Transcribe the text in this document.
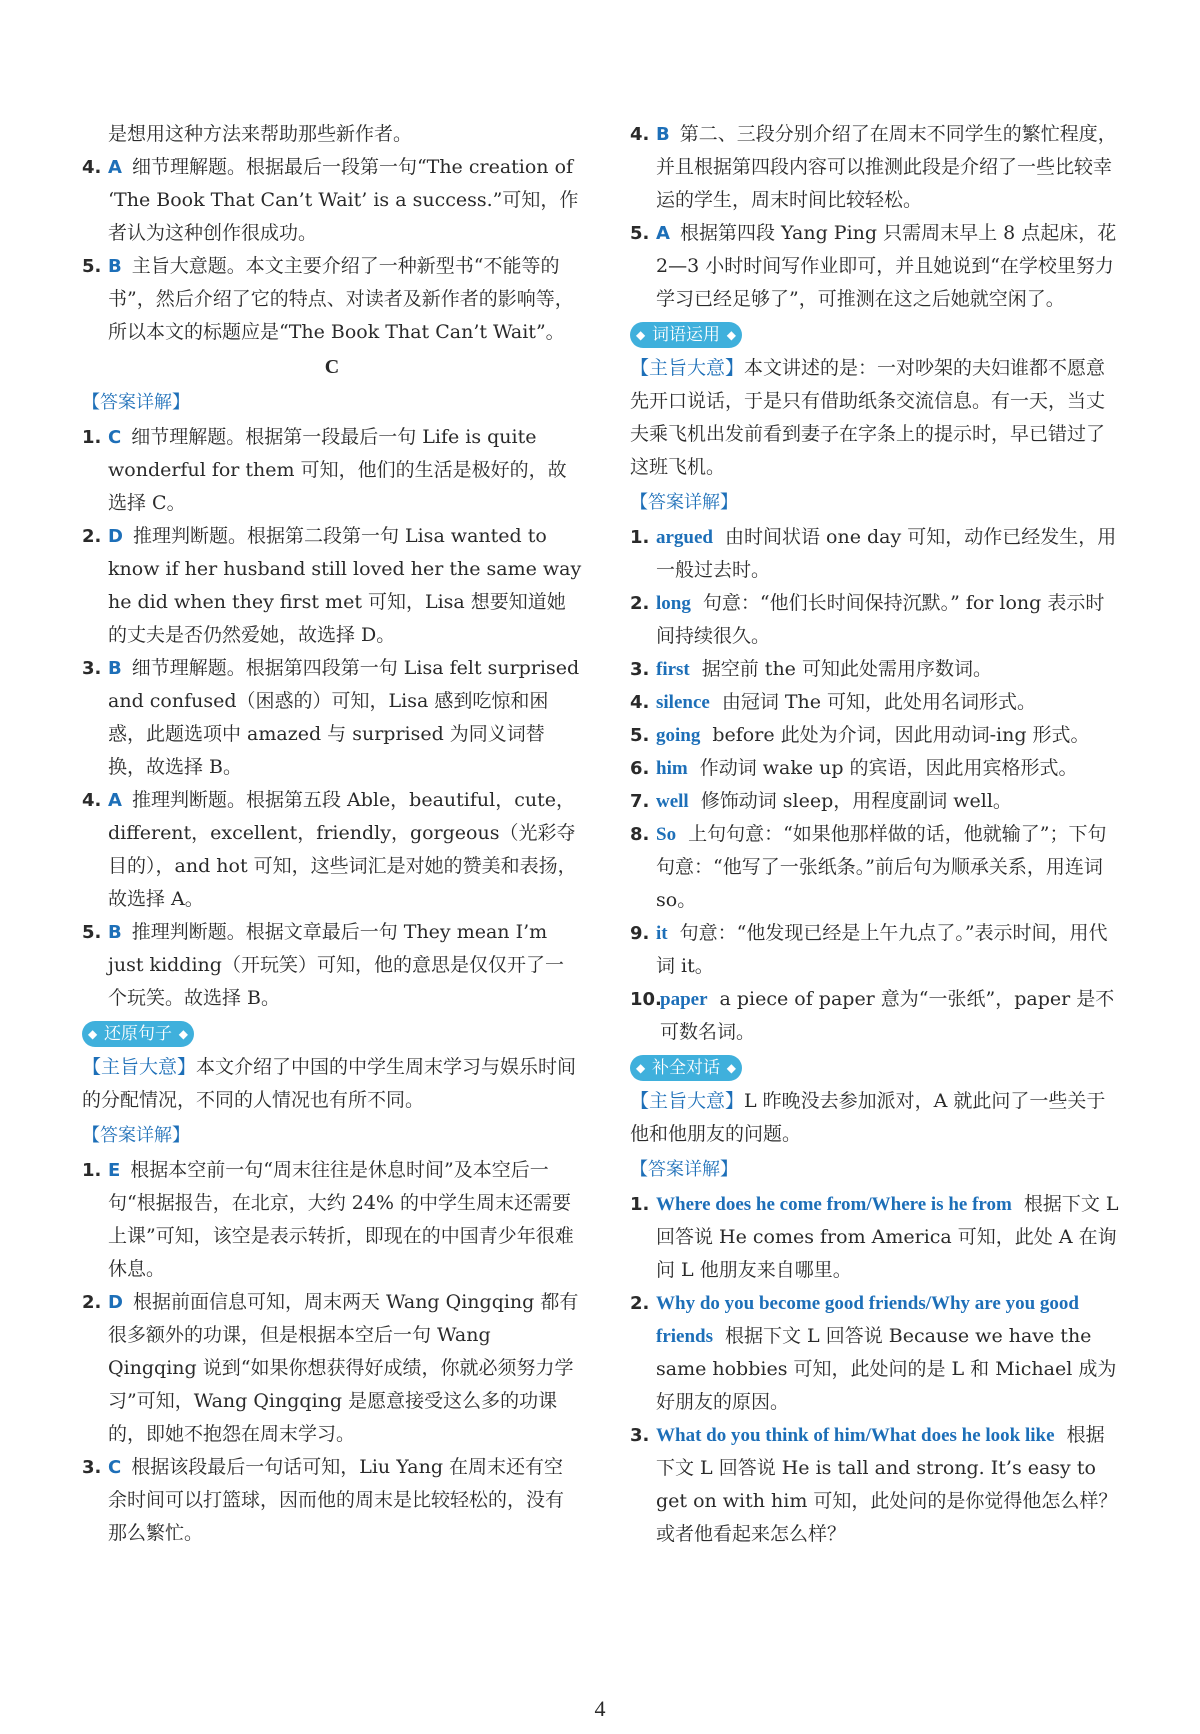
是想用这种方法来帮助那些新作者。

4. A 细节理解题。根据最后一段第一句“The creation of ‘The Book That Can’t Wait’ is a success.”可知，作者认为这种创作很成功。

5. B 主旨大意题。本文主要介绍了一种新型书“不能等的书”，然后介绍了它的特点、对读者及新作者的影响等，所以本文的标题应是“The Book That Can’t Wait”。

C

【答案详解】

1. C 细节理解题。根据第一段最后一句 Life is quite wonderful for them 可知，他们的生活是极好的，故选择 C。

2. D 推理判断题。根据第二段第一句 Lisa wanted to know if her husband still loved her the same way he did when they first met 可知，Lisa 想要知道她的丈夫是否仍然爱她，故选择 D。

3. B 细节理解题。根据第四段第一句 Lisa felt surprised and confused（困惑的）可知，Lisa 感到吃惊和困惑，此题选项中 amazed 与 surprised 为同义词替换，故选择 B。

4. A 推理判断题。根据第五段 Able，beautiful，cute，different，excellent，friendly，gorgeous（光彩夺目的），and hot 可知，这些词汇是对她的赞美和表扬，故选择 A。

5. B 推理判断题。根据文章最后一句 They mean I’m just kidding（开玩笑）可知，他的意思是仅仅开了一个玩笑。故选择 B。

◆ 还原句子 ◆

【主旨大意】本文介绍了中国的中学生周末学习与娱乐时间的分配情况，不同的人情况也有所不同。

【答案详解】

1. E 根据本空前一句“周末往往是休息时间”及本空后一句“根据报告，在北京，大约 24% 的中学生周末还需要上课”可知，该空是表示转折，即现在的中国青少年很难休息。

2. D 根据前面信息可知，周末两天 Wang Qingqing 都有很多额外的功课，但是根据本空后一句 Wang Qingqing 说到“如果你想获得好成绩，你就必须努力学习”可知，Wang Qingqing 是愿意接受这么多的功课的，即她不抱怨在周末学习。

3. C 根据该段最后一句话可知，Liu Yang 在周末还有空余时间可以打篮球，因而他的周末是比较轻松的，没有那么繁忙。

4. B 第二、三段分别介绍了在周末不同学生的繁忙程度，并且根据第四段内容可以推测此段是介绍了一些比较幸运的学生，周末时间比较轻松。

5. A 根据第四段 Yang Ping 只需周末早上 8 点起床，花 2—3 小时时间写作业即可，并且她说到“在学校里努力学习已经足够了”，可推测在这之后她就空闲了。

◆ 词语运用 ◆

【主旨大意】本文讲述的是：一对吵架的夫妇谁都不愿意先开口说话，于是只有借助纸条交流信息。有一天，当丈夫乘飞机出发前看到妻子在字条上的提示时，早已错过了这班飞机。

【答案详解】

1. argued 由时间状语 one day 可知，动作已经发生，用一般过去时。

2. long 句意：“他们长时间保持沉默。” for long 表示时间持续很久。

3. first 据空前 the 可知此处需用序数词。

4. silence 由冠词 The 可知，此处用名词形式。

5. going before 此处为介词，因此用动词-ing 形式。

6. him 作动词 wake up 的宾语，因此用宾格形式。

7. well 修饰动词 sleep，用程度副词 well。

8. So 上句句意：“如果他那样做的话，他就输了”；下句句意：“他写了一张纸条。”前后句为顺承关系，用连词 so。

9. it 句意：“他发现已经是上午九点了。”表示时间，用代词 it。

10.
paper a piece of paper 意为“一张纸”，paper 是不可数名词。

◆ 补全对话 ◆

【主旨大意】L 昨晚没去参加派对，A 就此问了一些关于他和他朋友的问题。

【答案详解】

1. Where does he come from/Where is he from 根据下文 L 回答说 He comes from America 可知，此处 A 在询问 L 他朋友来自哪里。

2. Why do you become good friends/Why are you good friends 根据下文 L 回答说 Because we have the same hobbies 可知，此处问的是 L 和 Michael 成为好朋友的原因。

3. What do you think of him/What does he look like 根据下文 L 回答说 He is tall and strong. It’s easy to get on with him 可知，此处问的是你觉得他怎么样？或者他看起来怎么样？

4
